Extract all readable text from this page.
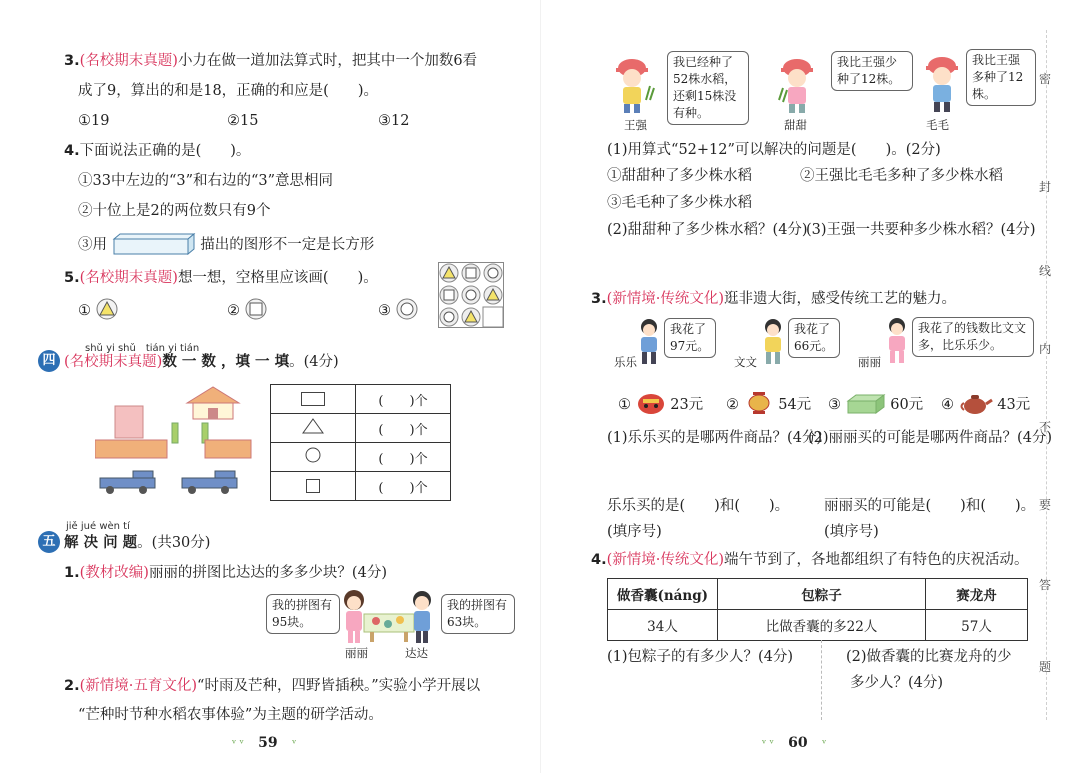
3.(名校期末真题)小力在做一道加法算式时，把其中一个加数6看
成了9，算出的和是18，正确的和应是(　　)。
①19	②15	③12
4.下面说法正确的是(　　)。
①33中左边的“3”和右边的“3”意思相同
②十位上是2的两位数只有9个
③用	描出的图形不一定是长方形
5.(名校期末真题)想一想，空格里应该画(　　)。
①	②	③
shǔ yi shǔ　tián yi tián
四 (名校期末真题)数 一 数 ，填 一 填。(4分)
	(　　)个
	(　　)个
	(　　)个
	(　　)个
jiě jué wèn tí
五 解 决 问 题。(共30分)
1.(教材改编)丽丽的拼图比达达的多多少块？(4分)
我的拼图有95块。
我的拼图有63块。
丽丽	达达
2.(新情境·五育文化)“时雨及芒种，四野皆插秧。”实验小学开展以
“芒种时节种水稻农事体验”为主题的研学活动。
ᵛ ᵛ 59 ᵛ
我已经种了52株水稻，还剩15株没有种。
王强
我比王强少种了12株。
甜甜
我比王强多种了12株。
毛毛
(1)用算式“52+12”可以解决的问题是(　　)。(2分)
①甜甜种了多少株水稻	②王强比毛毛多种了多少株水稻
③毛毛种了多少株水稻
(2)甜甜种了多少株水稻？(4分)
(3)王强一共要种多少株水稻？(4分)
3.(新情境·传统文化)逛非遗大街，感受传统工艺的魅力。
我花了97元。
乐乐
我花了66元。
文文
我花了的钱数比文文多，比乐乐少。
丽丽
①	23元 ②	54元 ③	60元 ④	43元
(1)乐乐买的是哪两件商品？(4分)
(2)丽丽买的可能是哪两件商品？(4分)
乐乐买的是(　　)和(　　)。 丽丽买的可能是(　　)和(　　)。
(填序号)	(填序号)
4.(新情境·传统文化)端午节到了，各地都组织了有特色的庆祝活动。
做香囊(náng)	包粽子	赛龙舟
34人	比做香囊的多22人	57人
(1)包粽子的有多少人？(4分)	(2)做香囊的比赛龙舟的少
多少人？(4分)
ᵛ ᵛ 60 ᵛ
密
封
线
内
不
要
答
题
